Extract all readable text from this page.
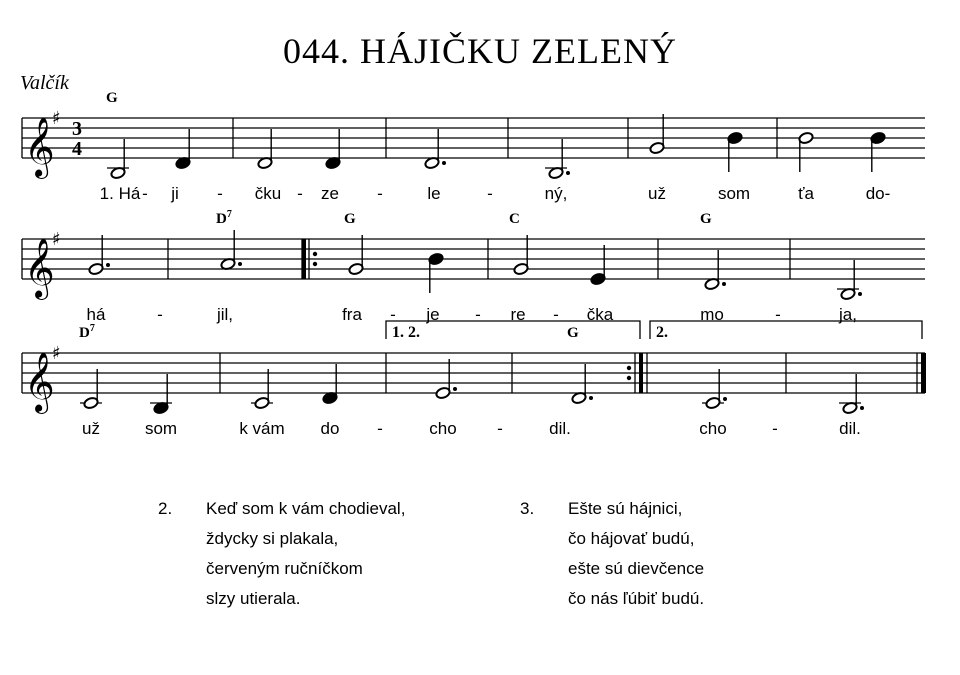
044. HÁJIČKU ZELENÝ
Valčík
𝄞
♯ 3
4
G
1. Há ji	čku ze	le	ný,	už	som	ťa	do-
-	-	-	-	-
𝄞
♯
há
$D^7$
jil,
G
fra	je
C
re	čka
G
mo	ja,
-	-	-	-	-
𝄞
♯
1. 2.	2.
$D^7$
už	som	k vám do	cho
G
dil.	cho	dil.
-	-	-
2. Keď som k vám chodieval,
ždycky si plakala,
červeným ručníčkom
slzy utierala.
3. Ešte sú hájnici,
čo hájovať budú,
ešte sú dievčence
čo nás ľúbiť budú.
